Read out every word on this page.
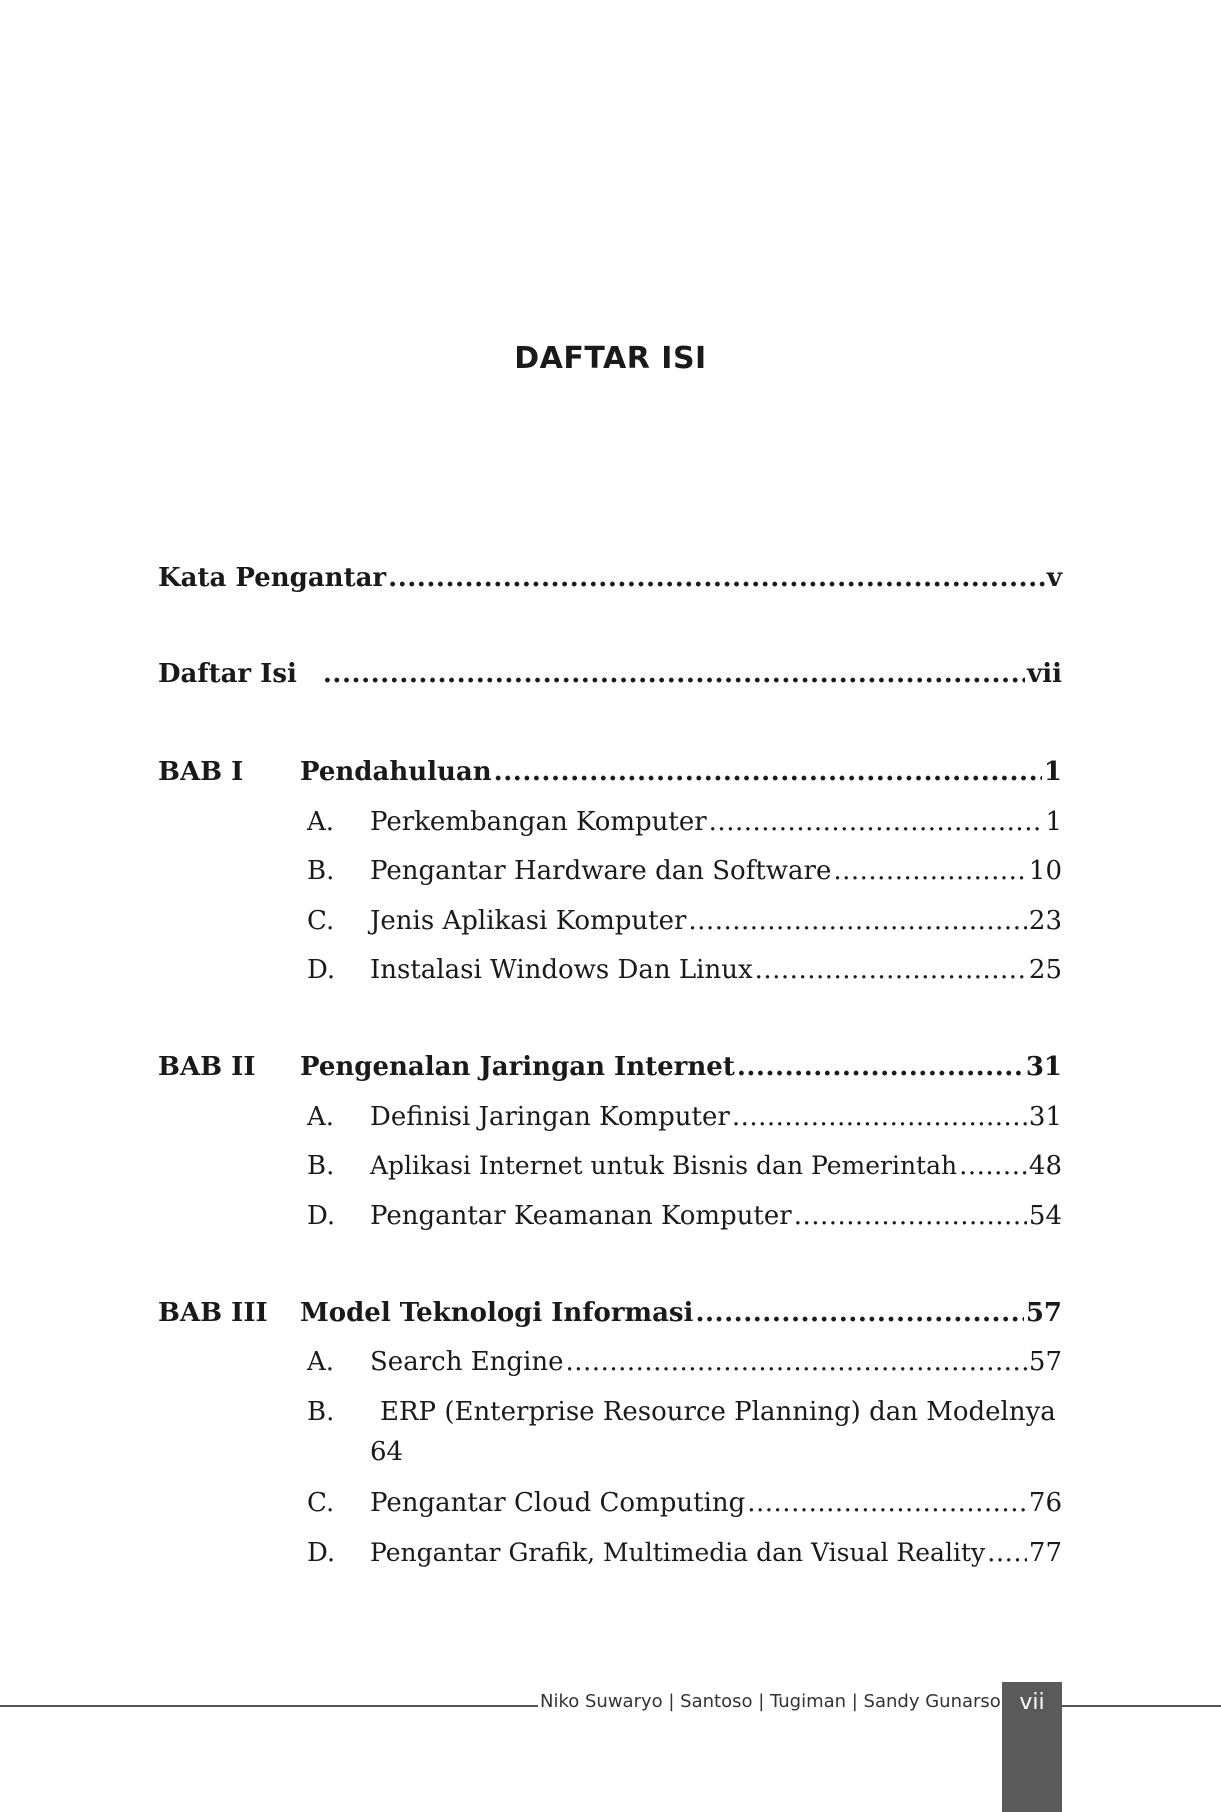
DAFTAR ISI
Kata Pengantar .....	v
Daftar Isi .....	vii
BAB I	Pendahuluan .....	1
A.	Perkembangan Komputer .....	1
B.	Pengantar Hardware dan Software .....	10
C.	Jenis Aplikasi Komputer .....	23
D.	Instalasi Windows Dan Linux .....	25
BAB II	Pengenalan Jaringan Internet .....	31
A.	Definisi Jaringan Komputer .....	31
B.	Aplikasi Internet untuk Bisnis dan Pemerintah .....	48
D.	Pengantar Keamanan Komputer .....	54
BAB III	Model Teknologi Informasi .....	57
A.	Search Engine .....	57
B.	ERP (Enterprise Resource Planning) dan Modelnya
64
C.	Pengantar Cloud Computing .....	76
D.	Pengantar Grafik, Multimedia dan Visual Reality ..... 77
Niko Suwaryo | Santoso | Tugiman | Sandy Gunarso vii
